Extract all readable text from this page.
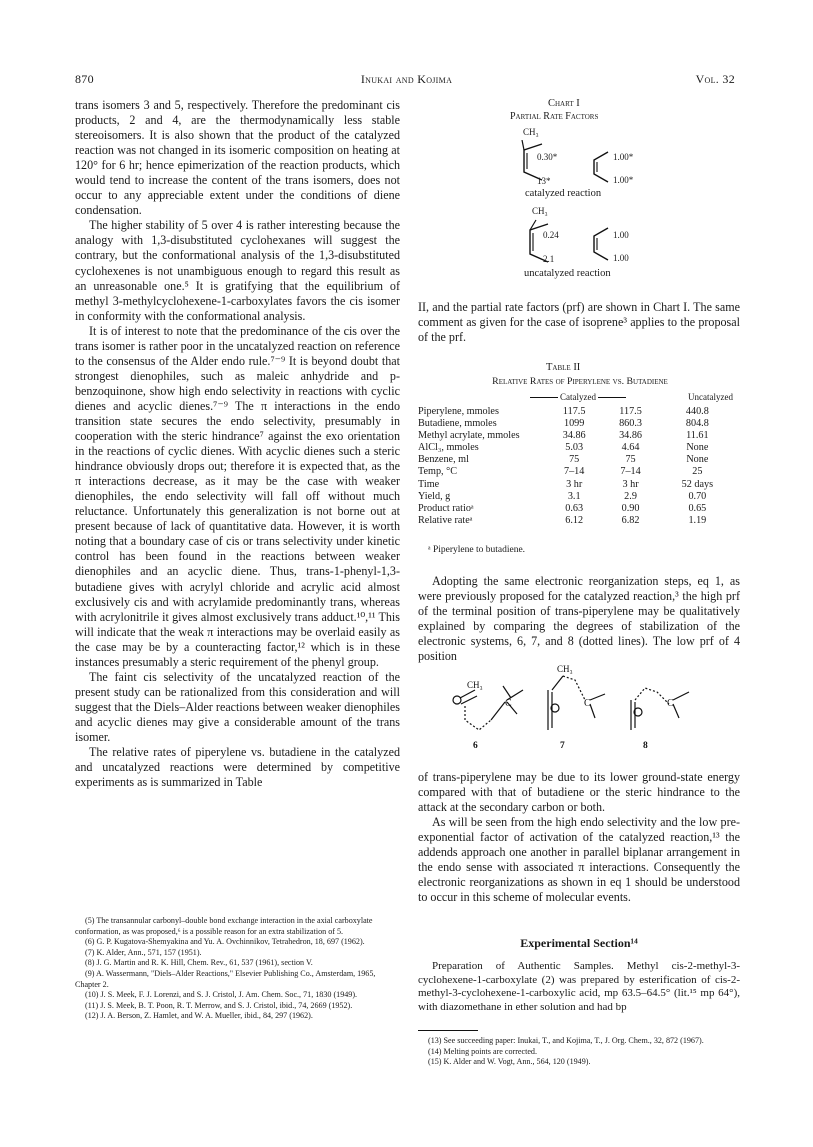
870	Inukai and Kojima	Vol. 32

trans isomers 3 and 5, respectively. Therefore the predominant cis products, 2 and 4, are the thermodynamically less stable stereoisomers. It is also shown that the product of the catalyzed reaction was not changed in its isomeric composition on heating at 120° for 6 hr; hence epimerization of the reaction products, which would tend to increase the content of the trans isomers, does not occur to any appreciable extent under the conditions of diene condensation.

The higher stability of 5 over 4 is rather interesting because the analogy with 1,3-disubstituted cyclohexanes will suggest the contrary, but the conformational analysis of the 1,3-disubstituted cyclohexenes is not unambiguous enough to regard this result as an unreasonable one.⁵ It is gratifying that the equilibrium of methyl 3-methylcyclohexene-1-carboxylates favors the cis isomer in conformity with the conformational analysis.

It is of interest to note that the predominance of the cis over the trans isomer is rather poor in the uncatalyzed reaction on reference to the consensus of the Alder endo rule.⁷⁻⁹ It is beyond doubt that strongest dienophiles, such as maleic anhydride and p-benzoquinone, show high endo selectivity in reactions with cyclic dienes and acyclic dienes.⁷⁻⁹ The π interactions in the endo transition state secures the endo selectivity, presumably in cooperation with the steric hindrance⁷ against the exo orientation in the reactions of cyclic dienes. With acyclic dienes such a steric hindrance obviously drops out; therefore it is expected that, as the π interactions decrease, as it may be the case with weaker dienophiles, the endo selectivity will fall off without much reluctance. Unfortunately this generalization is not borne out at present because of lack of quantitative data. However, it is worth noting that a boundary case of cis or trans selectivity under kinetic control has been found in the reactions between weaker dienophiles and an acyclic diene. Thus, trans-1-phenyl-1,3-butadiene gives with acrylyl chloride and acrylic acid almost exclusively cis and with acrylamide predominantly trans, whereas with acrylonitrile it gives almost exclusively trans adduct.¹⁰,¹¹ This will indicate that the weak π interactions may be overlaid easily as the case may be by a counteracting factor,¹² which is in these instances presumably a steric requirement of the phenyl group.

The faint cis selectivity of the uncatalyzed reaction of the present study can be rationalized from this consideration and will suggest that the Diels–Alder reactions between weaker dienophiles and acyclic dienes may give a considerable amount of the trans isomer.

The relative rates of piperylene vs. butadiene in the catalyzed and uncatalyzed reactions were determined by competitive experiments as is summarized in Table

(5) The transannular carbonyl–double bond exchange interaction in the axial carboxylate conformation, as was proposed,⁶ is a possible reason for an extra stabilization of 5.

(6) G. P. Kugatova-Shemyakina and Yu. A. Ovchinnikov, Tetrahedron, 18, 697 (1962).

(7) K. Alder, Ann., 571, 157 (1951).

(8) J. G. Martin and R. K. Hill, Chem. Rev., 61, 537 (1961), section V.

(9) A. Wassermann, "Diels–Alder Reactions," Elsevier Publishing Co., Amsterdam, 1965, Chapter 2.

(10) J. S. Meek, F. J. Lorenzi, and S. J. Cristol, J. Am. Chem. Soc., 71, 1830 (1949).

(11) J. S. Meek, B. T. Poon, R. T. Merrow, and S. J. Cristol, ibid., 74, 2669 (1952).

(12) J. A. Berson, Z. Hamlet, and W. A. Mueller, ibid., 84, 297 (1962).

Chart I
Partial Rate Factors
CH₃
0.30*
13*
1.00*
1.00*
catalyzed reaction
CH₃
0.24
2.1
1.00
1.00
uncatalyzed reaction

II, and the partial rate factors (prf) are shown in Chart I. The same comment as given for the case of isoprene³ applies to the proposal of the prf.

Table II
Relative Rates of Piperylene vs. Butadiene
Catalyzed	Uncatalyzed
Piperylene, mmoles	117.5	117.5	440.8
Butadiene, mmoles	1099	860.3	804.8
Methyl acrylate, mmoles	34.86	34.86	11.61
AlCl₃, mmoles	5.03	4.64	None
Benzene, ml	75	75	None
Temp, °C	7–14	7–14	25
Time	3 hr	3 hr	52 days
Yield, g	3.1	2.9	0.70
Product ratioᵃ	0.63	0.90	0.65
Relative rateᵃ	6.12	6.82	1.19
ᵃ Piperylene to butadiene.

Adopting the same electronic reorganization steps, eq 1, as were previously proposed for the catalyzed reaction,³ the high prf of the terminal position of trans-piperylene may be qualitatively explained by comparing the degrees of stabilization of the electronic systems, 6, 7, and 8 (dotted lines). The low prf of 4 position

CH₃
CH₃
C	C	C
6	7	8

of trans-piperylene may be due to its lower ground-state energy compared with that of butadiene or the steric hindrance to the attack at the secondary carbon or both.

As will be seen from the high endo selectivity and the low pre-exponential factor of activation of the catalyzed reaction,¹³ the addends approach one another in parallel biplanar arrangement in the endo sense with associated π interactions. Consequently the electronic reorganizations as shown in eq 1 should be understood to occur in this scheme of molecular events.

Experimental Section¹⁴

Preparation of Authentic Samples. Methyl cis-2-methyl-3-cyclohexene-1-carboxylate (2) was prepared by esterification of cis-2-methyl-3-cyclohexene-1-carboxylic acid, mp 63.5–64.5° (lit.¹⁵ mp 64°), with diazomethane in ether solution and had bp

(13) See succeeding paper: Inukai, T., and Kojima, T., J. Org. Chem., 32, 872 (1967).

(14) Melting points are corrected.

(15) K. Alder and W. Vogt, Ann., 564, 120 (1949).
